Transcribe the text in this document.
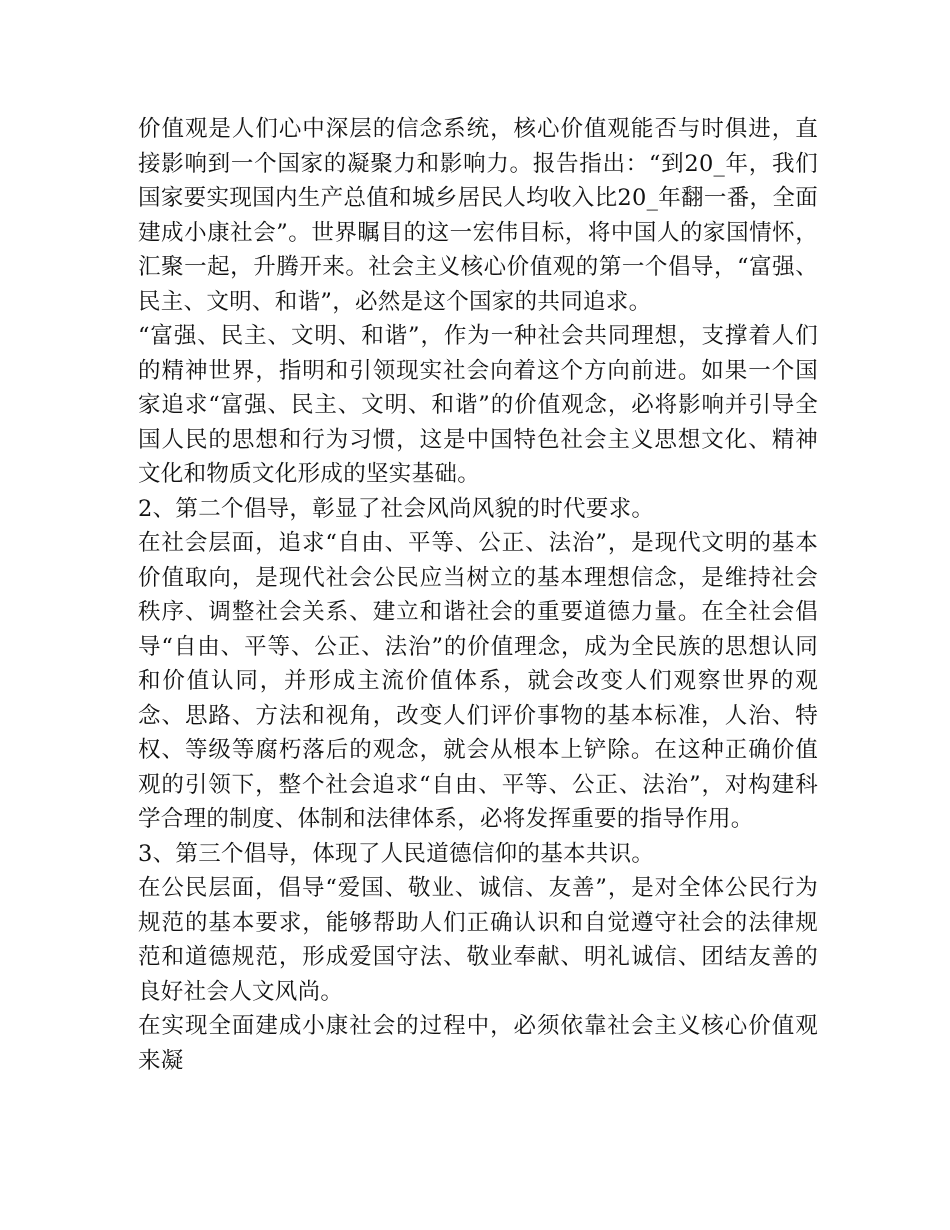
价值观是人们心中深层的信念系统，核心价值观能否与时俱进，直接影响到一个国家的凝聚力和影响力。报告指出：“到20_年，我们国家要实现国内生产总值和城乡居民人均收入比20_年翻一番，全面建成小康社会”。世界瞩目的这一宏伟目标，将中国人的家国情怀，汇聚一起，升腾开来。社会主义核心价值观的第一个倡导，“富强、民主、文明、和谐”，必然是这个国家的共同追求。

“富强、民主、文明、和谐”，作为一种社会共同理想，支撑着人们的精神世界，指明和引领现实社会向着这个方向前进。如果一个国家追求“富强、民主、文明、和谐”的价值观念，必将影响并引导全国人民的思想和行为习惯，这是中国特色社会主义思想文化、精神文化和物质文化形成的坚实基础。

2、第二个倡导，彰显了社会风尚风貌的时代要求。

在社会层面，追求“自由、平等、公正、法治”，是现代文明的基本价值取向，是现代社会公民应当树立的基本理想信念，是维持社会秩序、调整社会关系、建立和谐社会的重要道德力量。在全社会倡导“自由、平等、公正、法治”的价值理念，成为全民族的思想认同和价值认同，并形成主流价值体系，就会改变人们观察世界的观念、思路、方法和视角，改变人们评价事物的基本标准，人治、特权、等级等腐朽落后的观念，就会从根本上铲除。在这种正确价值观的引领下，整个社会追求“自由、平等、公正、法治”，对构建科学合理的制度、体制和法律体系，必将发挥重要的指导作用。

3、第三个倡导，体现了人民道德信仰的基本共识。

在公民层面，倡导“爱国、敬业、诚信、友善”，是对全体公民行为规范的基本要求，能够帮助人们正确认识和自觉遵守社会的法律规范和道德规范，形成爱国守法、敬业奉献、明礼诚信、团结友善的良好社会人文风尚。

在实现全面建成小康社会的过程中，必须依靠社会主义核心价值观来凝
